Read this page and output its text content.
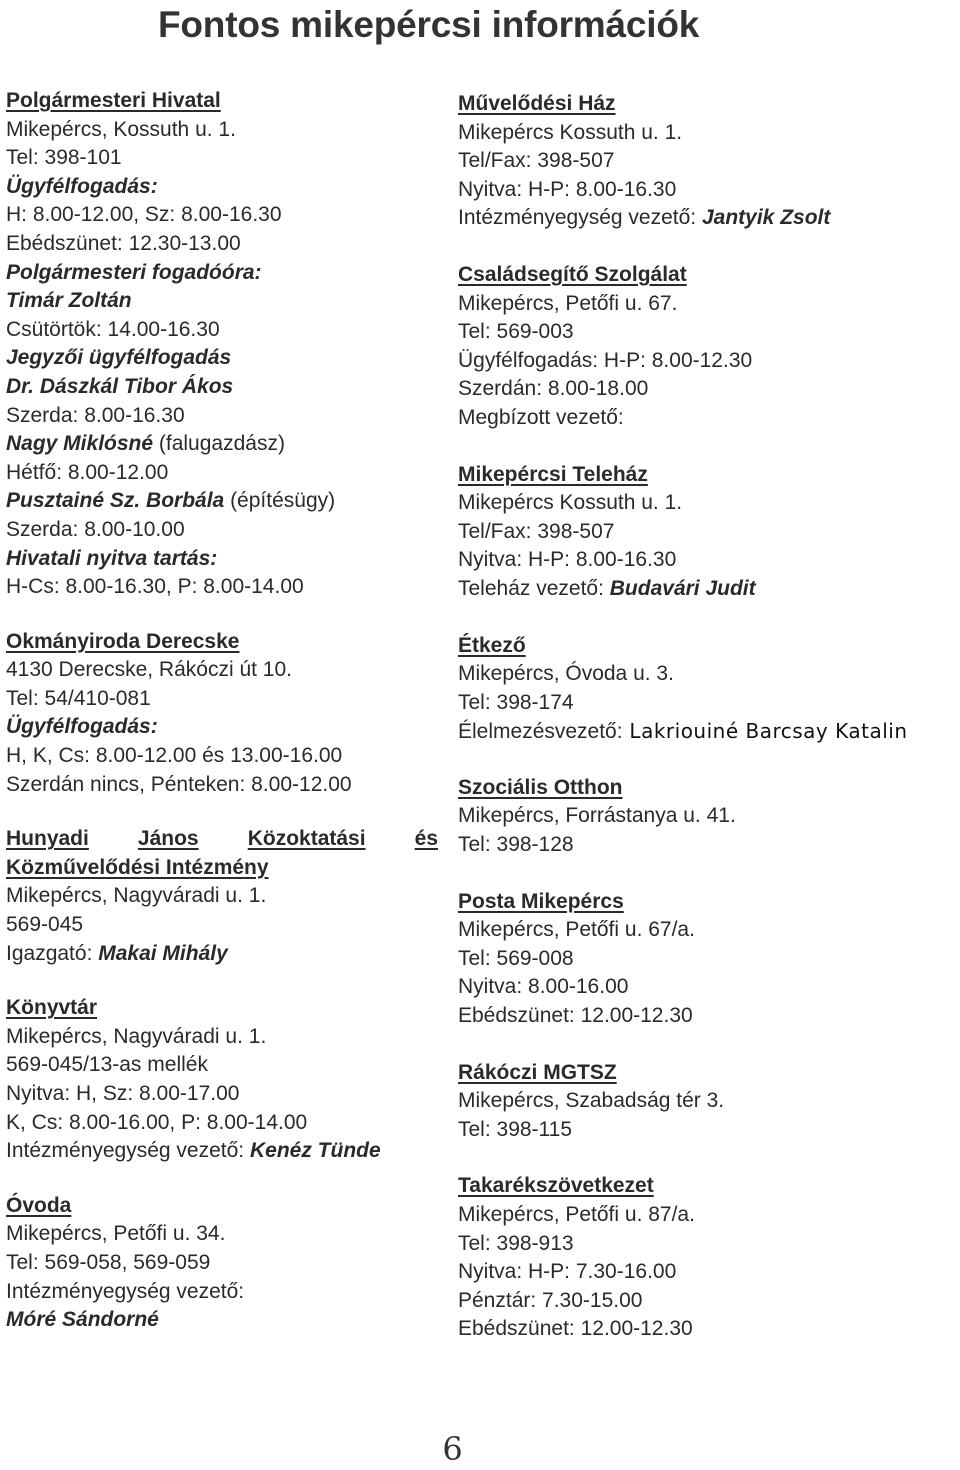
Fontos mikepércsi információk
Polgármesteri Hivatal
Mikepércs, Kossuth u. 1.
Tel: 398-101
Ügyfélfogadás:
H: 8.00-12.00, Sz: 8.00-16.30
Ebédszünet: 12.30-13.00
Polgármesteri fogadóóra:
Timár Zoltán
Csütörtök: 14.00-16.30
Jegyzői ügyfélfogadás
Dr. Dászkál Tibor Ákos
Szerda: 8.00-16.30
Nagy Miklósné (falugazdász)
Hétfő: 8.00-12.00
Pusztainé Sz. Borbála (építésügy)
Szerda: 8.00-10.00
Hivatali nyitva tartás:
H-Cs: 8.00-16.30, P: 8.00-14.00
Okmányiroda Derecske
4130 Derecske, Rákóczi út 10.
Tel: 54/410-081
Ügyfélfogadás:
H, K, Cs: 8.00-12.00 és 13.00-16.00
Szerdán nincs, Pénteken: 8.00-12.00
Hunyadi János Közoktatási és
Közművelődési Intézmény
Mikepércs, Nagyváradi u. 1.
569-045
Igazgató: Makai Mihály
Könyvtár
Mikepércs, Nagyváradi u. 1.
569-045/13-as mellék
Nyitva: H, Sz: 8.00-17.00
K, Cs: 8.00-16.00, P: 8.00-14.00
Intézményegység vezető: Kenéz Tünde
Óvoda
Mikepércs, Petőfi u. 34.
Tel: 569-058, 569-059
Intézményegység vezető:
Móré Sándorné
Művelődési Ház
Mikepércs Kossuth u. 1.
Tel/Fax: 398-507
Nyitva: H-P: 8.00-16.30
Intézményegység vezető: Jantyik Zsolt
Családsegítő Szolgálat
Mikepércs, Petőfi u. 67.
Tel: 569-003
Ügyfélfogadás: H-P: 8.00-12.30
Szerdán: 8.00-18.00
Megbízott vezető:
Mikepércsi Teleház
Mikepércs Kossuth u. 1.
Tel/Fax: 398-507
Nyitva: H-P: 8.00-16.30
Teleház vezető: Budavári Judit
Étkező
Mikepércs, Óvoda u. 3.
Tel: 398-174
Élelmezésvezető: Lakriouiné Barcsay Katalin
Szociális Otthon
Mikepércs, Forrástanya u. 41.
Tel: 398-128
Posta Mikepércs
Mikepércs, Petőfi u. 67/a.
Tel: 569-008
Nyitva: 8.00-16.00
Ebédszünet: 12.00-12.30
Rákóczi MGTSZ
Mikepércs, Szabadság tér 3.
Tel: 398-115
Takarékszövetkezet
Mikepércs, Petőfi u. 87/a.
Tel: 398-913
Nyitva: H-P: 7.30-16.00
Pénztár: 7.30-15.00
Ebédszünet: 12.00-12.30
6
